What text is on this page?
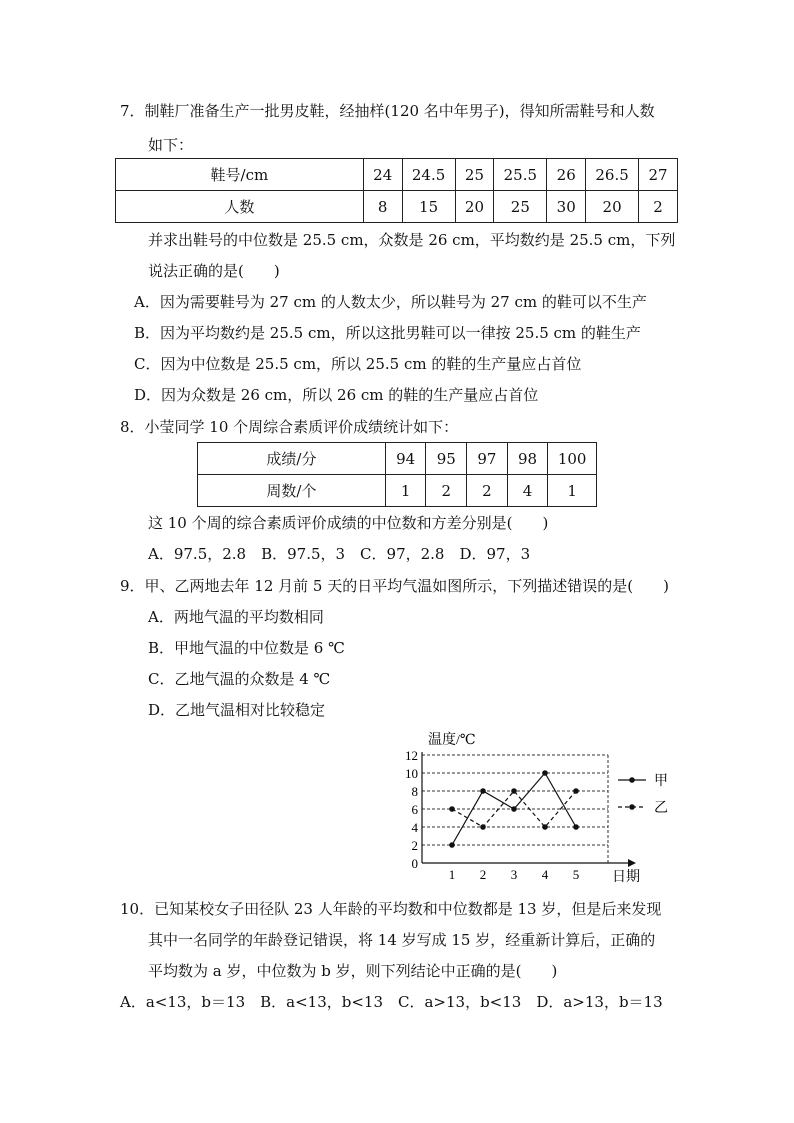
7．制鞋厂准备生产一批男皮鞋，经抽样(120 名中年男子)，得知所需鞋号和人数
如下：
鞋号/cm	24	24.5	25	25.5	26	26.5	27
人数	8	15	20	25	30	20	2
并求出鞋号的中位数是 25.5 cm，众数是 26 cm，平均数约是 25.5 cm，下列
说法正确的是(　　)
A．因为需要鞋号为 27 cm 的人数太少，所以鞋号为 27 cm 的鞋可以不生产
B．因为平均数约是 25.5 cm，所以这批男鞋可以一律按 25.5 cm 的鞋生产
C．因为中位数是 25.5 cm，所以 25.5 cm 的鞋的生产量应占首位
D．因为众数是 26 cm，所以 26 cm 的鞋的生产量应占首位
8．小莹同学 10 个周综合素质评价成绩统计如下：
成绩/分	94	95	97	98	100
周数/个	1	2	2	4	1
这 10 个周的综合素质评价成绩的中位数和方差分别是(　　)
A．97.5，2.8　B．97.5，3　C．97，2.8　D．97，3
9．甲、乙两地去年 12 月前 5 天的日平均气温如图所示，下列描述错误的是(　　)
A．两地气温的平均数相同
B．甲地气温的中位数是 6 ℃
C．乙地气温的众数是 4 ℃
D．乙地气温相对比较稳定
温度/℃
日期
0
2
4
6
8
10
12
1 2 3 4 5
甲
乙
10．已知某校女子田径队 23 人年龄的平均数和中位数都是 13 岁，但是后来发现
其中一名同学的年龄登记错误，将 14 岁写成 15 岁，经重新计算后，正确的
平均数为 a 岁，中位数为 b 岁，则下列结论中正确的是(　　)
A．a<13，b＝13　B．a<13，b<13　C．a>13，b<13　D．a>13，b＝13
